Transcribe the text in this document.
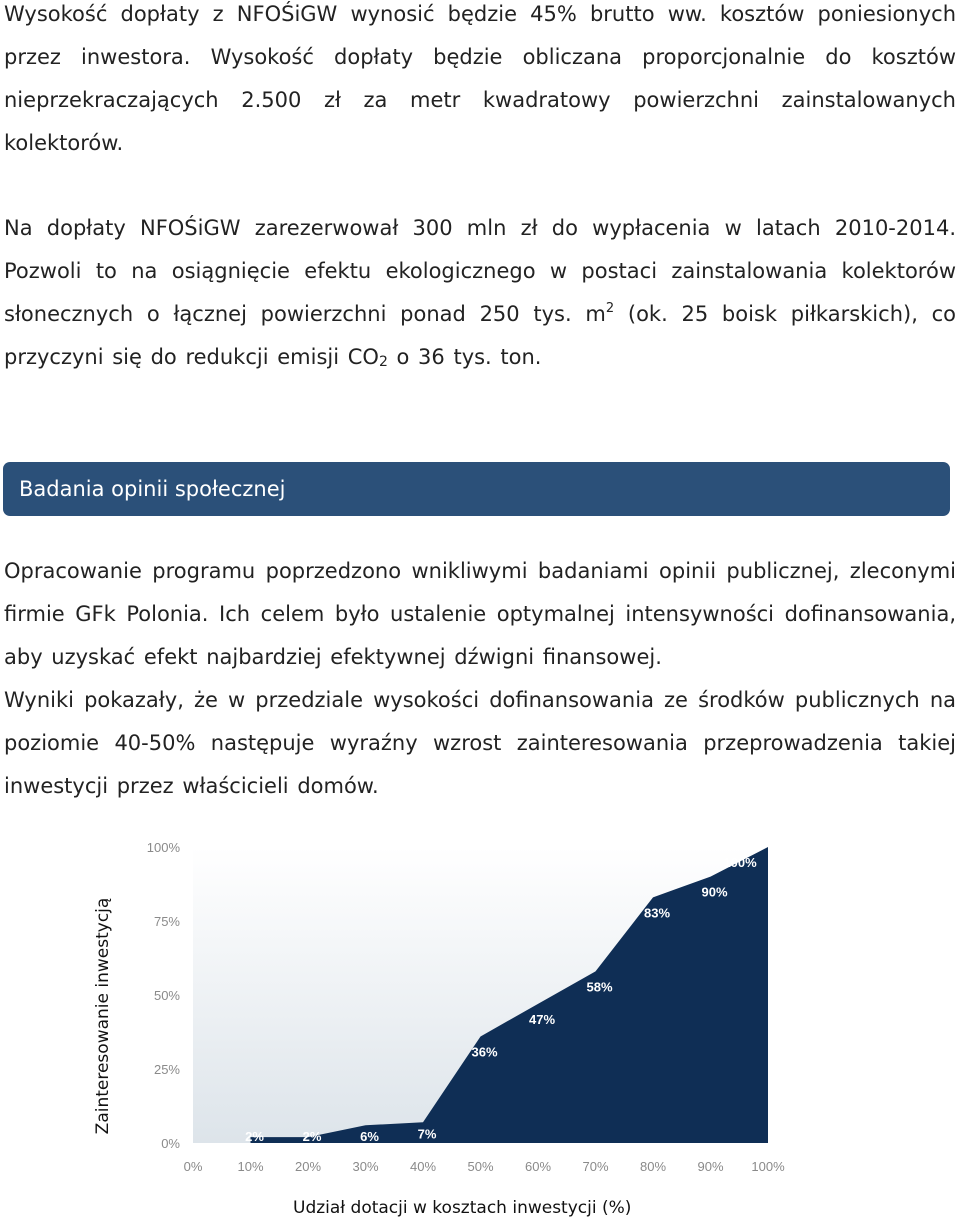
Wysokość dopłaty z NFOŚiGW wynosić będzie 45% brutto ww. kosztów poniesionych przez inwestora. Wysokość dopłaty będzie obliczana proporcjonalnie do kosztów nieprzekraczających 2.500 zł za metr kwadratowy powierzchni zainstalowanych kolektorów.

Na dopłaty NFOŚiGW zarezerwował 300 mln zł do wypłacenia w latach 2010-2014. Pozwoli to na osiągnięcie efektu ekologicznego w postaci zainstalowania kolektorów słonecznych o łącznej powierzchni ponad 250 tys. $m^2$ (ok. 25 boisk piłkarskich), co przyczyni się do redukcji emisji $CO_2$ o 36 tys. ton.

Badania opinii społecznej

Opracowanie programu poprzedzono wnikliwymi badaniami opinii publicznej, zleconymi firmie GFk Polonia. Ich celem było ustalenie optymalnej intensywności dofinansowania, aby uzyskać efekt najbardziej efektywnej dźwigni finansowej.

Wyniki pokazały, że w przedziale wysokości dofinansowania ze środków publicznych na poziomie 40-50% następuje wyraźny wzrost zainteresowania przeprowadzenia takiej inwestycji przez właścicieli domów.

0%
25%
50%
75%
100%
0%	10% 20% 30% 40% 50% 60% 70% 80% 90% 100%
2%	2%	6%	7%
36%
47%
58%
83%
90%
100%
Zainteresowanie inwestycją
Udział dotacji w kosztach inwestycji (%)
